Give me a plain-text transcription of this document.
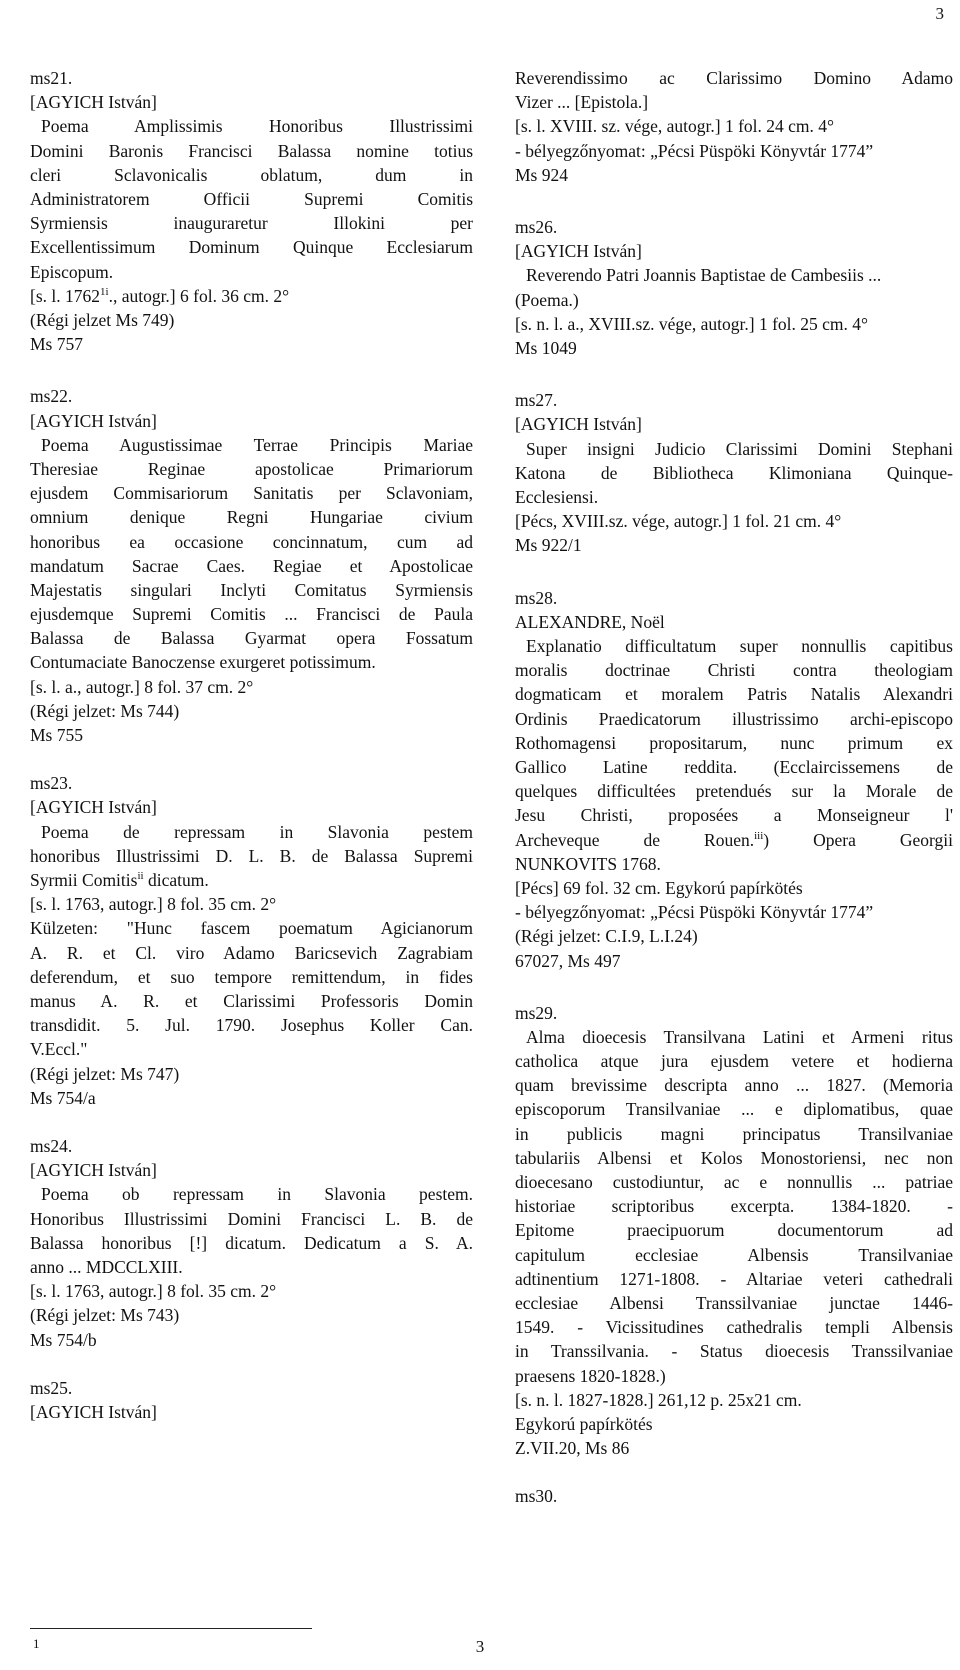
3
ms21.
[AGYICH István]
Poema Amplissimis Honoribus Illustrissimi
Domini Baronis Francisci Balassa nomine totius
cleri Sclavonicalis oblatum, dum in
Administratorem Officii Supremi Comitis
Syrmiensis inauguraretur Illokini per
Excellentissimum Dominum Quinque Ecclesiarum
Episcopum.
[s. l. $1762^{1i}$., autogr.] 6 fol. 36 cm. 2°
(Régi jelzet Ms 749)
Ms 757
ms22.
[AGYICH István]
Poema Augustissimae Terrae Principis Mariae
Theresiae Reginae apostolicae Primariorum
ejusdem Commisariorum Sanitatis per Sclavoniam,
omnium denique Regni Hungariae civium
honoribus ea occasione concinnatum, cum ad
mandatum Sacrae Caes. Regiae et Apostolicae
Majestatis singulari Inclyti Comitatus Syrmiensis
ejusdemque Supremi Comitis ... Francisci de Paula
Balassa de Balassa Gyarmat opera Fossatum
Contumaciate Banoczense exurgeret potissimum.
[s. l. a., autogr.] 8 fol. 37 cm. 2°
(Régi jelzet: Ms 744)
Ms 755
ms23.
[AGYICH István]
Poema de repressam in Slavonia pestem
honoribus Illustrissimi D. L. B. de Balassa Supremi
Syrmii Comitis$^{ii}$ dicatum.
[s. l. 1763, autogr.] 8 fol. 35 cm. 2°
Külzeten: "Hunc fascem poematum Agicianorum
A. R. et Cl. viro Adamo Baricsevich Zagrabiam
deferendum, et suo tempore remittendum, in fides
manus A. R. et Clarissimi Professoris Domin
transdidit. 5. Jul. 1790. Josephus Koller Can.
V.Eccl."
(Régi jelzet: Ms 747)
Ms 754/a
ms24.
[AGYICH István]
Poema ob repressam in Slavonia pestem.
Honoribus Illustrissimi Domini Francisci L. B. de
Balassa honoribus [!] dicatum. Dedicatum a S. A.
anno ... MDCCLXIII.
[s. l. 1763, autogr.] 8 fol. 35 cm. 2°
(Régi jelzet: Ms 743)
Ms 754/b
ms25.
[AGYICH István]
Reverendissimo ac Clarissimo Domino Adamo
Vizer ... [Epistola.]
[s. l. XVIII. sz. vége, autogr.] 1 fol. 24 cm. 4°
- bélyegzőnyomat: „Pécsi Püspöki Könyvtár 1774”
Ms 924
ms26.
[AGYICH István]
Reverendo Patri Joannis Baptistae de Cambesiis ...
(Poema.)
[s. n. l. a., XVIII.sz. vége, autogr.] 1 fol. 25 cm. 4°
Ms 1049
ms27.
[AGYICH István]
Super insigni Judicio Clarissimi Domini Stephani
Katona de Bibliotheca Klimoniana Quinque-
Ecclesiensi.
[Pécs, XVIII.sz. vége, autogr.] 1 fol. 21 cm. 4°
Ms 922/1
ms28.
ALEXANDRE, Noël
Explanatio difficultatum super nonnullis capitibus
moralis doctrinae Christi contra theologiam
dogmaticam et moralem Patris Natalis Alexandri
Ordinis Praedicatorum illustrissimo archi-episcopo
Rothomagensi propositarum, nunc primum ex
Gallico Latine reddita. (Ecclaircissemens de
quelques difficultées pretendués sur la Morale de
Jesu Christi, proposées a Monseigneur l'
Archeveque de Rouen.$^{iii}$) Opera Georgii
NUNKOVITS 1768.
[Pécs] 69 fol. 32 cm. Egykorú papírkötés
- bélyegzőnyomat: „Pécsi Püspöki Könyvtár 1774”
(Régi jelzet: C.I.9, L.I.24)
67027, Ms 497
ms29.
Alma dioecesis Transilvana Latini et Armeni ritus
catholica atque jura ejusdem vetere et hodierna
quam brevissime descripta anno ... 1827. (Memoria
episcoporum Transilvaniae ... e diplomatibus, quae
in publicis magni principatus Transilvaniae
tabulariis Albensi et Kolos Monostoriensi, nec non
dioecesano custodiuntur, ac e nonnullis ... patriae
historiae scriptoribus excerpta. 1384-1820. -
Epitome praecipuorum documentorum ad
capitulum ecclesiae Albensis Transilvaniae
adtinentium 1271-1808. - Altariae veteri cathedrali
ecclesiae Albensi Transsilvaniae junctae 1446-
1549. - Vicissitudines cathedralis templi Albensis
in Transsilvania. - Status dioecesis Transsilvaniae
praesens 1820-1828.)
[s. n. l. 1827-1828.] 261,12 p. 25x21 cm.
Egykorú papírkötés
Z.VII.20, Ms 86
ms30.
1	3
